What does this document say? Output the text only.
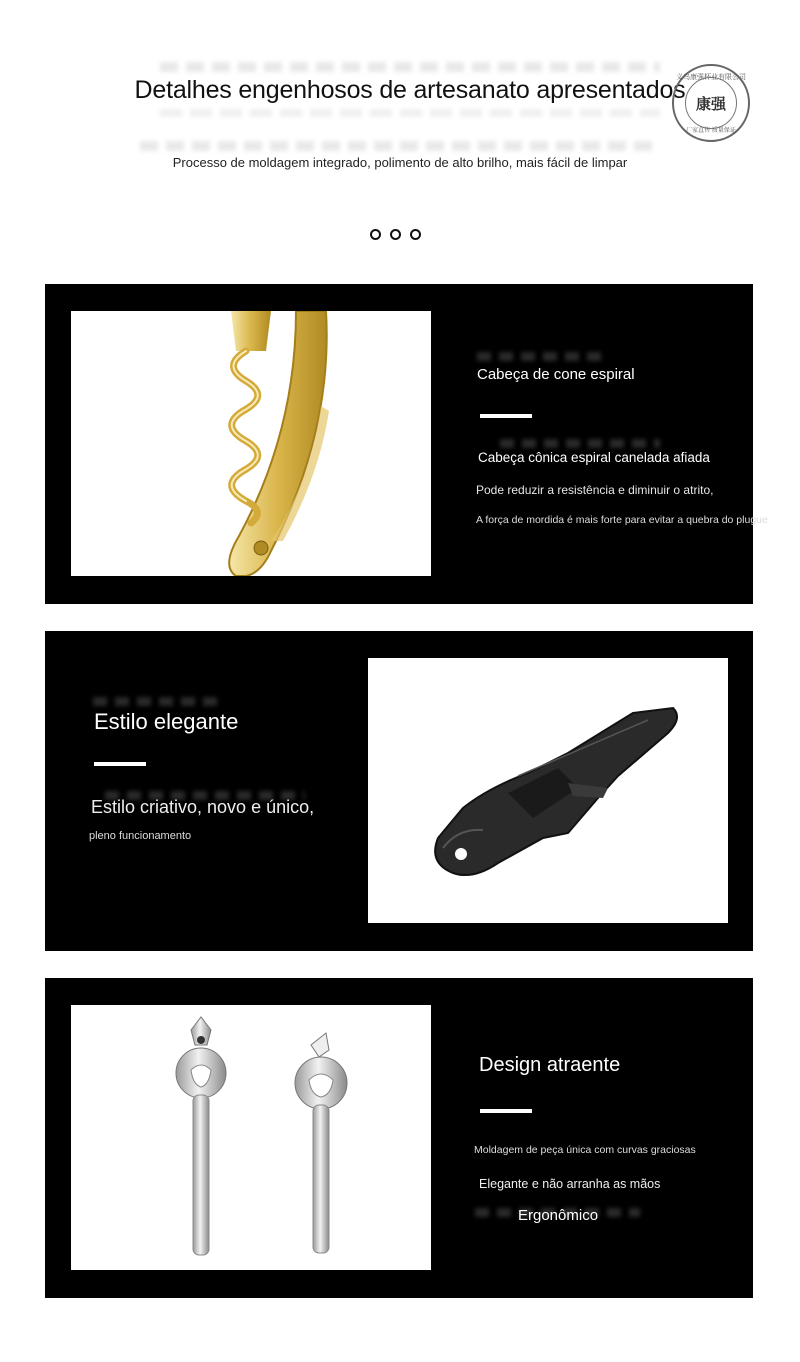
Detalhes engenhosos de artesanato apresentados
义乌康强杯业有限公司
康强
厂家直售 质量保证
Processo de moldagem integrado, polimento de alto brilho, mais fácil de limpar
Cabeça de cone espiral
Cabeça cônica espiral canelada afiada
Pode reduzir a resistência e diminuir o atrito,
A força de mordida é mais forte para evitar a quebra do plugue
Estilo elegante
Estilo criativo, novo e único,
pleno funcionamento
Design atraente
Moldagem de peça única com curvas graciosas
Elegante e não arranha as mãos
Ergonômico
